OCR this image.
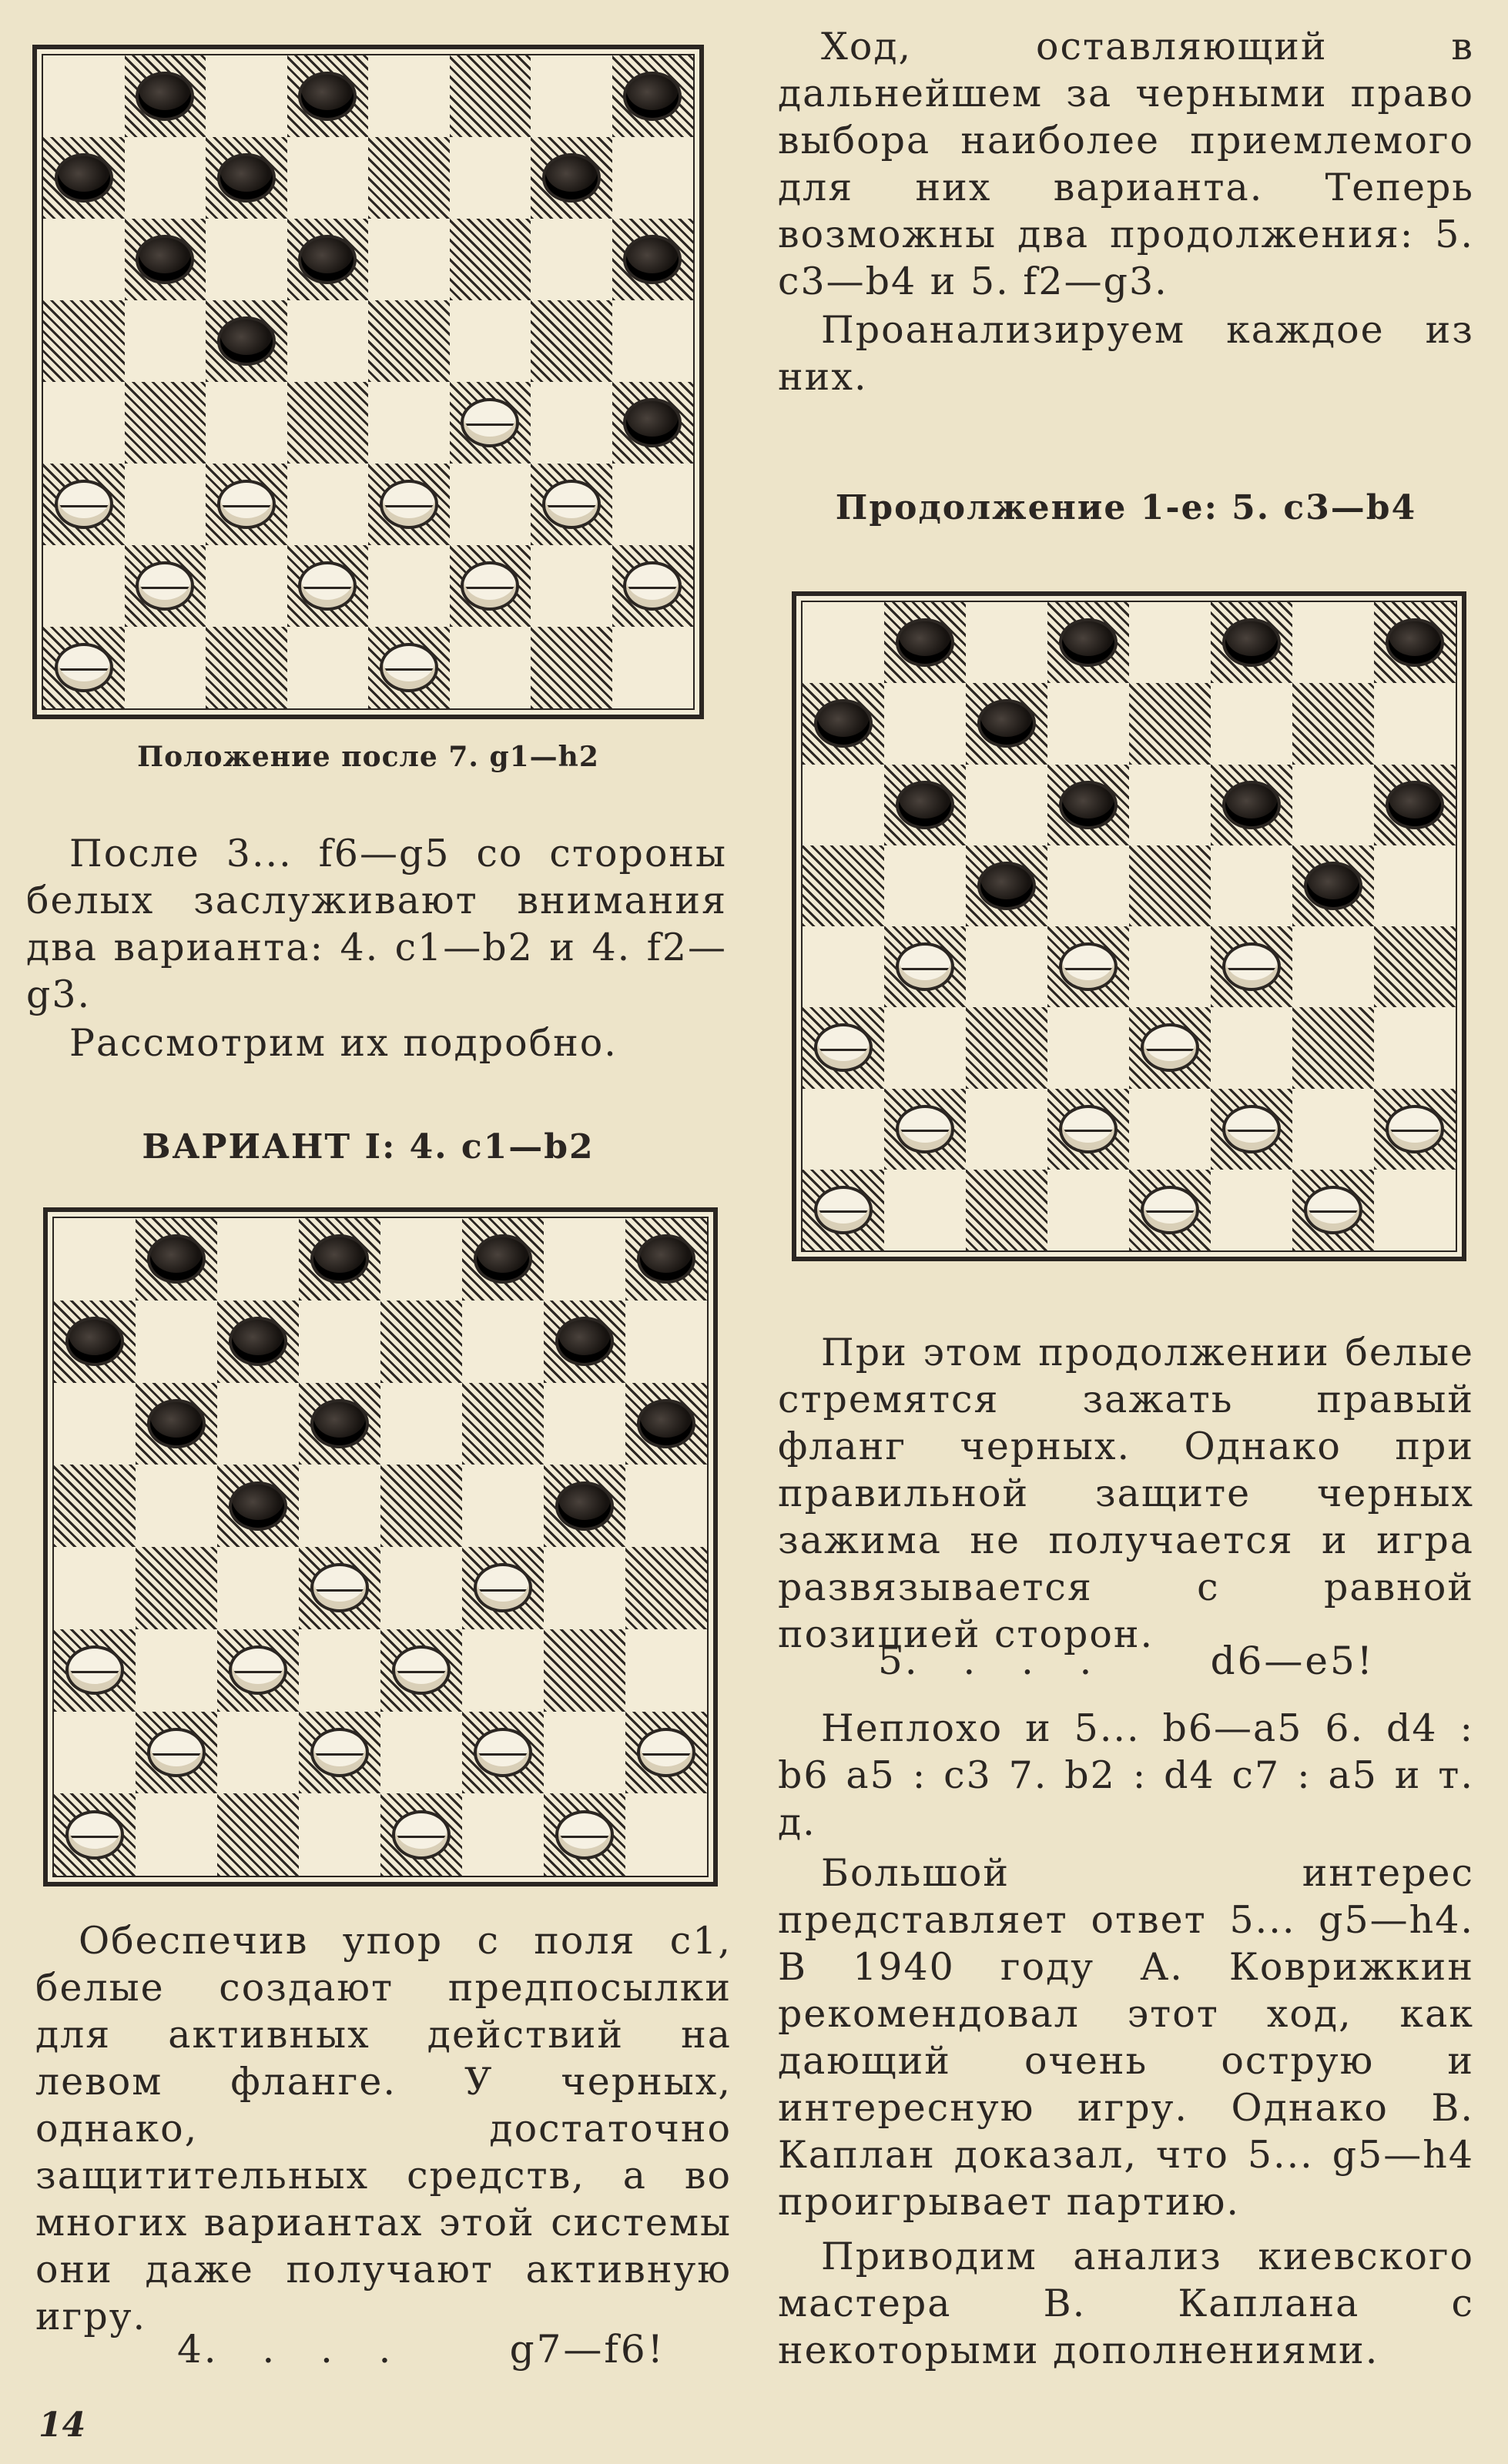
Положение после 7. g1—h2

После 3... f6—g5 со стороны белых заслуживают внимания два варианта: 4. c1—b2 и 4. f2—g3.

Рассмотрим их подробно.

ВАРИАНТ I: 4. c1—b2

Обеспечив упор с поля c1, белые создают предпосылки для активных действий на левом фланге. У черных, однако, достаточно защитительных средств, а во многих вариантах этой системы они даже получают активную игру.

4.   .   .   .        g7—f6!
14

Ход, оставляющий в дальнейшем за черными право выбора наиболее приемлемого для них варианта. Теперь возможны два продолжения: 5. c3—b4 и 5. f2—g3.

Проанализируем каждое из них.

Продолжение 1-е: 5. c3—b4

При этом продолжении белые стремятся зажать правый фланг черных. Однако при правильной защите черных зажима не получается и игра развязывается с равной позицией сторон.

5.   .   .   .        d6—e5!

Неплохо и 5... b6—a5 6. d4 : b6 a5 : c3 7. b2 : d4 c7 : a5 и т. д.

Большой интерес представляет ответ 5... g5—h4. В 1940 году А. Коврижкин рекомендовал этот ход, как дающий очень острую и интересную игру. Однако В. Каплан доказал, что 5... g5—h4 проигрывает партию.

Приводим анализ киевского мастера В. Каплана с некоторыми дополнениями.
